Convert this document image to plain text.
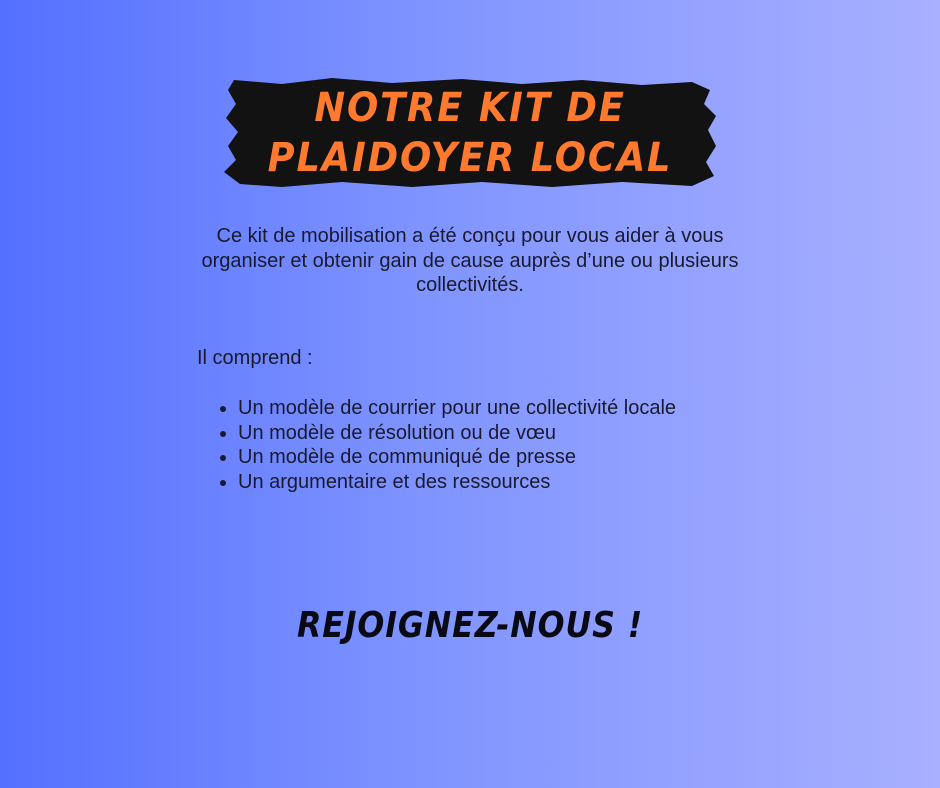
NOTRE KIT DE
PLAIDOYER LOCAL

Ce kit de mobilisation a été conçu pour vous aider à vous organiser et obtenir gain de cause auprès d’une ou plusieurs collectivités.

Il comprend :

• Un modèle de courrier pour une collectivité locale
• Un modèle de résolution ou de vœu
• Un modèle de communiqué de presse
• Un argumentaire et des ressources
REJOIGNEZ-NOUS !
